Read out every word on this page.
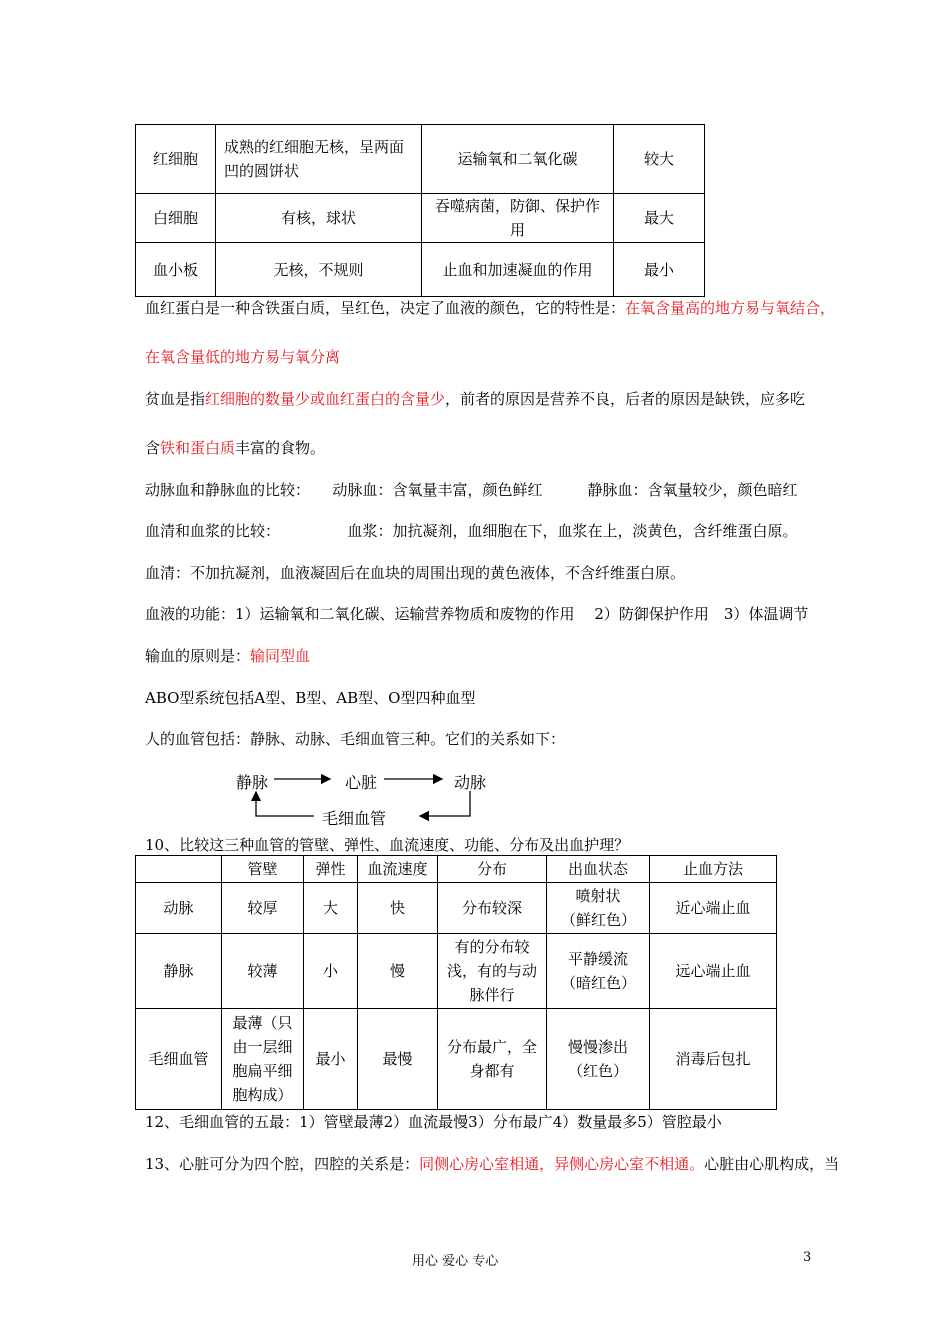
红细胞	成熟的红细胞无核，呈两面凹的圆饼状	运输氧和二氧化碳	较大
白细胞	有核，球状	吞噬病菌，防御、保护作用	最大
血小板	无核，不规则	止血和加速凝血的作用	最小
血红蛋白是一种含铁蛋白质，呈红色，决定了血液的颜色，它的特性是：在氧含量高的地方易与氧结合，
在氧含量低的地方易与氧分离
贫血是指红细胞的数量少或血红蛋白的含量少，前者的原因是营养不良，后者的原因是缺铁，应多吃
含铁和蛋白质丰富的食物。
动脉血和静脉血的比较：　　动脉血：含氧量丰富，颜色鲜红　　　静脉血：含氧量较少，颜色暗红
血清和血浆的比较：　　　　　血浆：加抗凝剂，血细胞在下，血浆在上，淡黄色，含纤维蛋白原。
血清：不加抗凝剂，血液凝固后在血块的周围出现的黄色液体，不含纤维蛋白原。
血液的功能：1）运输氧和二氧化碳、运输营养物质和废物的作用　 2）防御保护作用　3）体温调节
输血的原则是：输同型血
ABO型系统包括A型、B型、AB型、O型四种血型
人的血管包括：静脉、动脉、毛细血管三种。它们的关系如下：
静脉	心脏	动脉
毛细血管
10、比较这三种血管的管壁、弹性、血流速度、功能、分布及出血护理？
	管壁	弹性	血流速度	分布	出血状态	止血方法
动脉	较厚	大	快	分布较深	喷射状（鲜红色）	近心端止血
静脉	较薄	小	慢	有的分布较浅，有的与动脉伴行	平静缓流（暗红色）	远心端止血
毛细血管	最薄（只由一层细胞扁平细胞构成）	最小	最慢	分布最广，全身都有	慢慢渗出（红色）	消毒后包扎
12、毛细血管的五最：1）管壁最薄2）血流最慢3）分布最广4）数量最多5）管腔最小
13、心脏可分为四个腔，四腔的关系是：同侧心房心室相通，异侧心房心室不相通。心脏由心肌构成，当
用心 爱心 专心	3
